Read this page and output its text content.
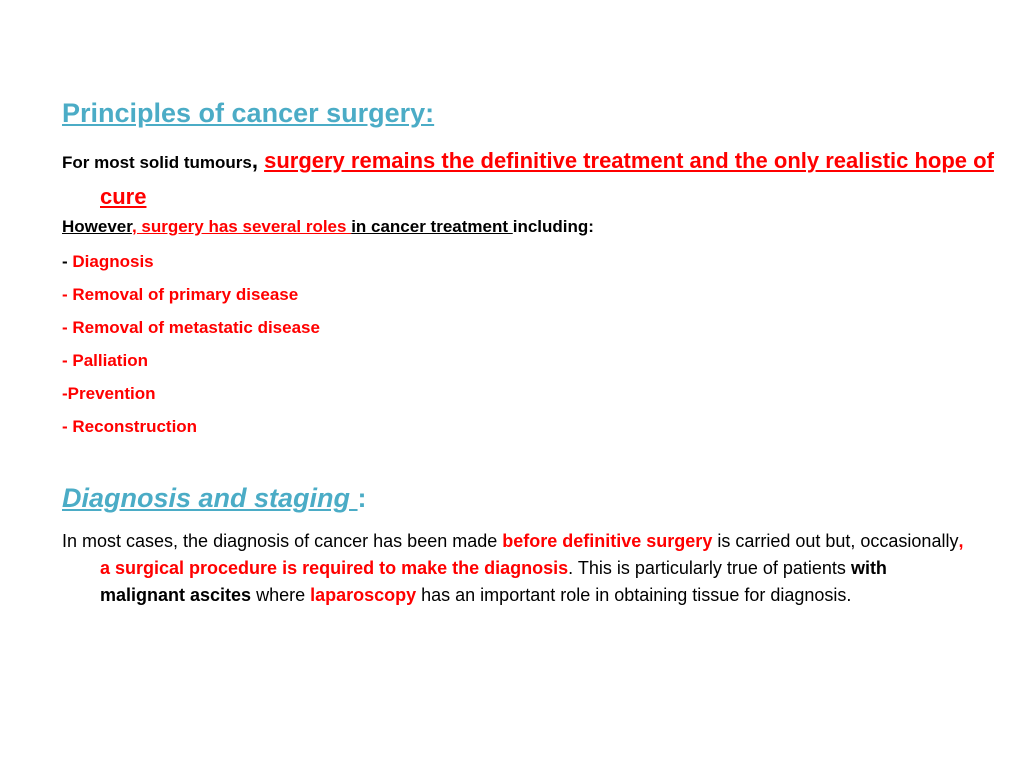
Principles of cancer surgery:
For most solid tumours, surgery remains the definitive treatment and the only realistic hope of cure
However, surgery has several roles in cancer treatment including:
- Diagnosis
- Removal of primary disease
- Removal of metastatic disease
- Palliation
-Prevention
- Reconstruction
Diagnosis and staging :
In most cases, the diagnosis of cancer has been made before definitive surgery is carried out but, occasionally, a surgical procedure is required to make the diagnosis. This is particularly true of patients with malignant ascites where laparoscopy has an important role in obtaining tissue for diagnosis.
